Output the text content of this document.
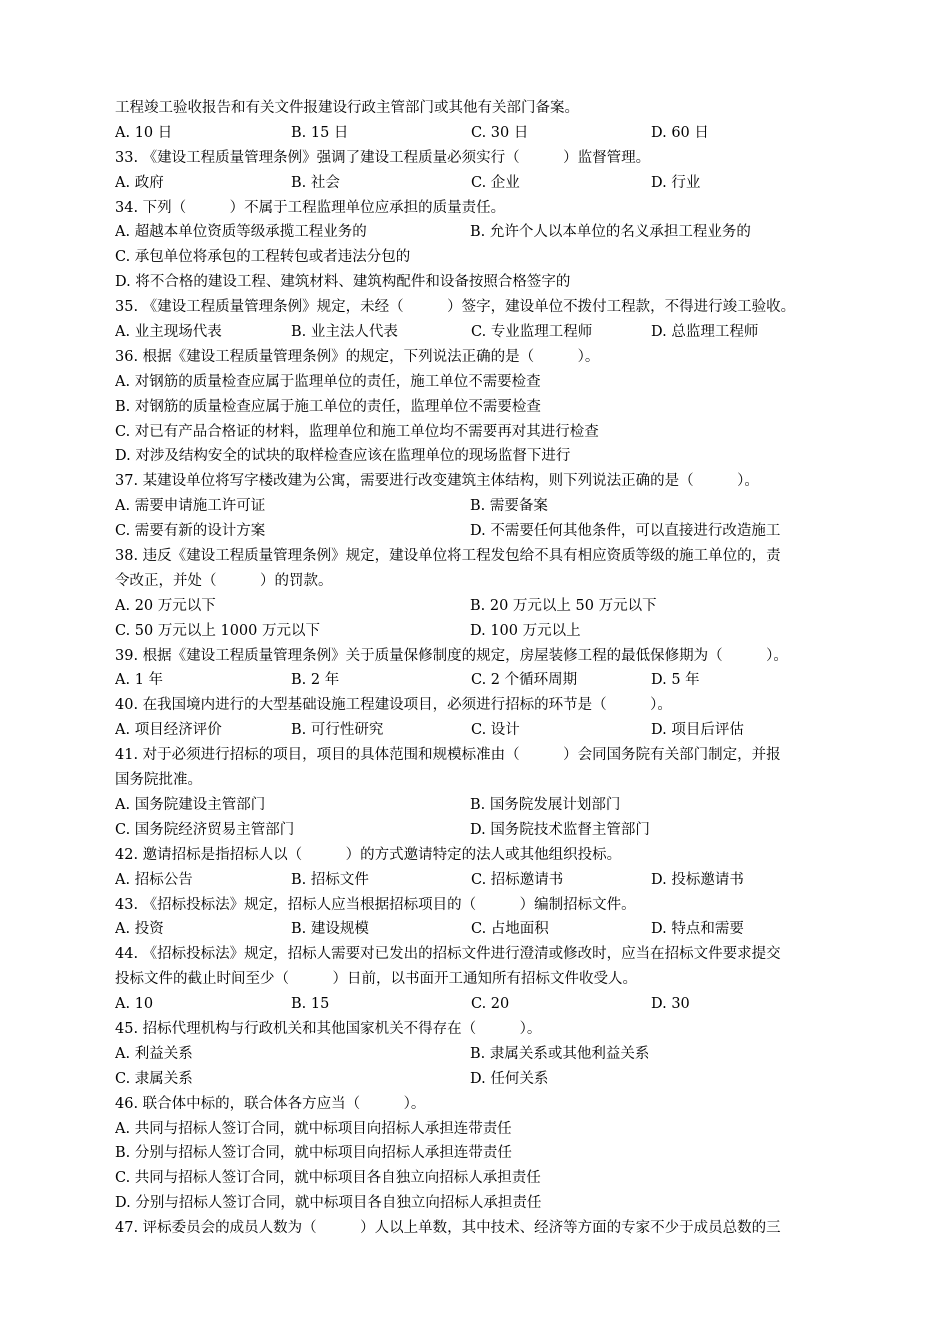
工程竣工验收报告和有关文件报建设行政主管部门或其他有关部门备案。
A. 10 日	B. 15 日	C. 30 日	D. 60 日
33. 《建设工程质量管理条例》强调了建设工程质量必须实行（　　　）监督管理。
A. 政府	B. 社会	C. 企业	D. 行业
34. 下列（　　　）不属于工程监理单位应承担的质量责任。
A. 超越本单位资质等级承揽工程业务的	B. 允许个人以本单位的名义承担工程业务的
C. 承包单位将承包的工程转包或者违法分包的
D. 将不合格的建设工程、建筑材料、建筑构配件和设备按照合格签字的
35. 《建设工程质量管理条例》规定，未经（　　　）签字，建设单位不拨付工程款，不得进行竣工验收。
A. 业主现场代表	B. 业主法人代表	C. 专业监理工程师	D. 总监理工程师
36. 根据《建设工程质量管理条例》的规定，下列说法正确的是（　　　）。
A. 对钢筋的质量检查应属于监理单位的责任，施工单位不需要检查
B. 对钢筋的质量检查应属于施工单位的责任，监理单位不需要检查
C. 对已有产品合格证的材料，监理单位和施工单位均不需要再对其进行检查
D. 对涉及结构安全的试块的取样检查应该在监理单位的现场监督下进行
37. 某建设单位将写字楼改建为公寓，需要进行改变建筑主体结构，则下列说法正确的是（　　　）。
A. 需要申请施工许可证	B. 需要备案
C. 需要有新的设计方案	D. 不需要任何其他条件，可以直接进行改造施工
38. 违反《建设工程质量管理条例》规定，建设单位将工程发包给不具有相应资质等级的施工单位的，责
令改正，并处（　　　）的罚款。
A. 20 万元以下	B. 20 万元以上 50 万元以下
C. 50 万元以上 1000 万元以下	D. 100 万元以上
39. 根据《建设工程质量管理条例》关于质量保修制度的规定，房屋装修工程的最低保修期为（　　　）。
A. 1 年	B. 2 年	C. 2 个循环周期	D. 5 年
40. 在我国境内进行的大型基础设施工程建设项目，必须进行招标的环节是（　　　）。
A. 项目经济评价	B. 可行性研究	C. 设计	D. 项目后评估
41. 对于必须进行招标的项目，项目的具体范围和规模标准由（　　　）会同国务院有关部门制定，并报
国务院批准。
A. 国务院建设主管部门	B. 国务院发展计划部门
C. 国务院经济贸易主管部门	D. 国务院技术监督主管部门
42. 邀请招标是指招标人以（　　　）的方式邀请特定的法人或其他组织投标。
A. 招标公告	B. 招标文件	C. 招标邀请书	D. 投标邀请书
43. 《招标投标法》规定，招标人应当根据招标项目的（　　　）编制招标文件。
A. 投资	B. 建设规模	C. 占地面积	D. 特点和需要
44. 《招标投标法》规定，招标人需要对已发出的招标文件进行澄清或修改时，应当在招标文件要求提交
投标文件的截止时间至少（　　　）日前，以书面开工通知所有招标文件收受人。
A. 10	B. 15	C. 20	D. 30
45. 招标代理机构与行政机关和其他国家机关不得存在（　　　）。
A. 利益关系	B. 隶属关系或其他利益关系
C. 隶属关系	D. 任何关系
46. 联合体中标的，联合体各方应当（　　　）。
A. 共同与招标人签订合同，就中标项目向招标人承担连带责任
B. 分别与招标人签订合同，就中标项目向招标人承担连带责任
C. 共同与招标人签订合同，就中标项目各自独立向招标人承担责任
D. 分别与招标人签订合同，就中标项目各自独立向招标人承担责任
47. 评标委员会的成员人数为（　　　）人以上单数，其中技术、经济等方面的专家不少于成员总数的三
